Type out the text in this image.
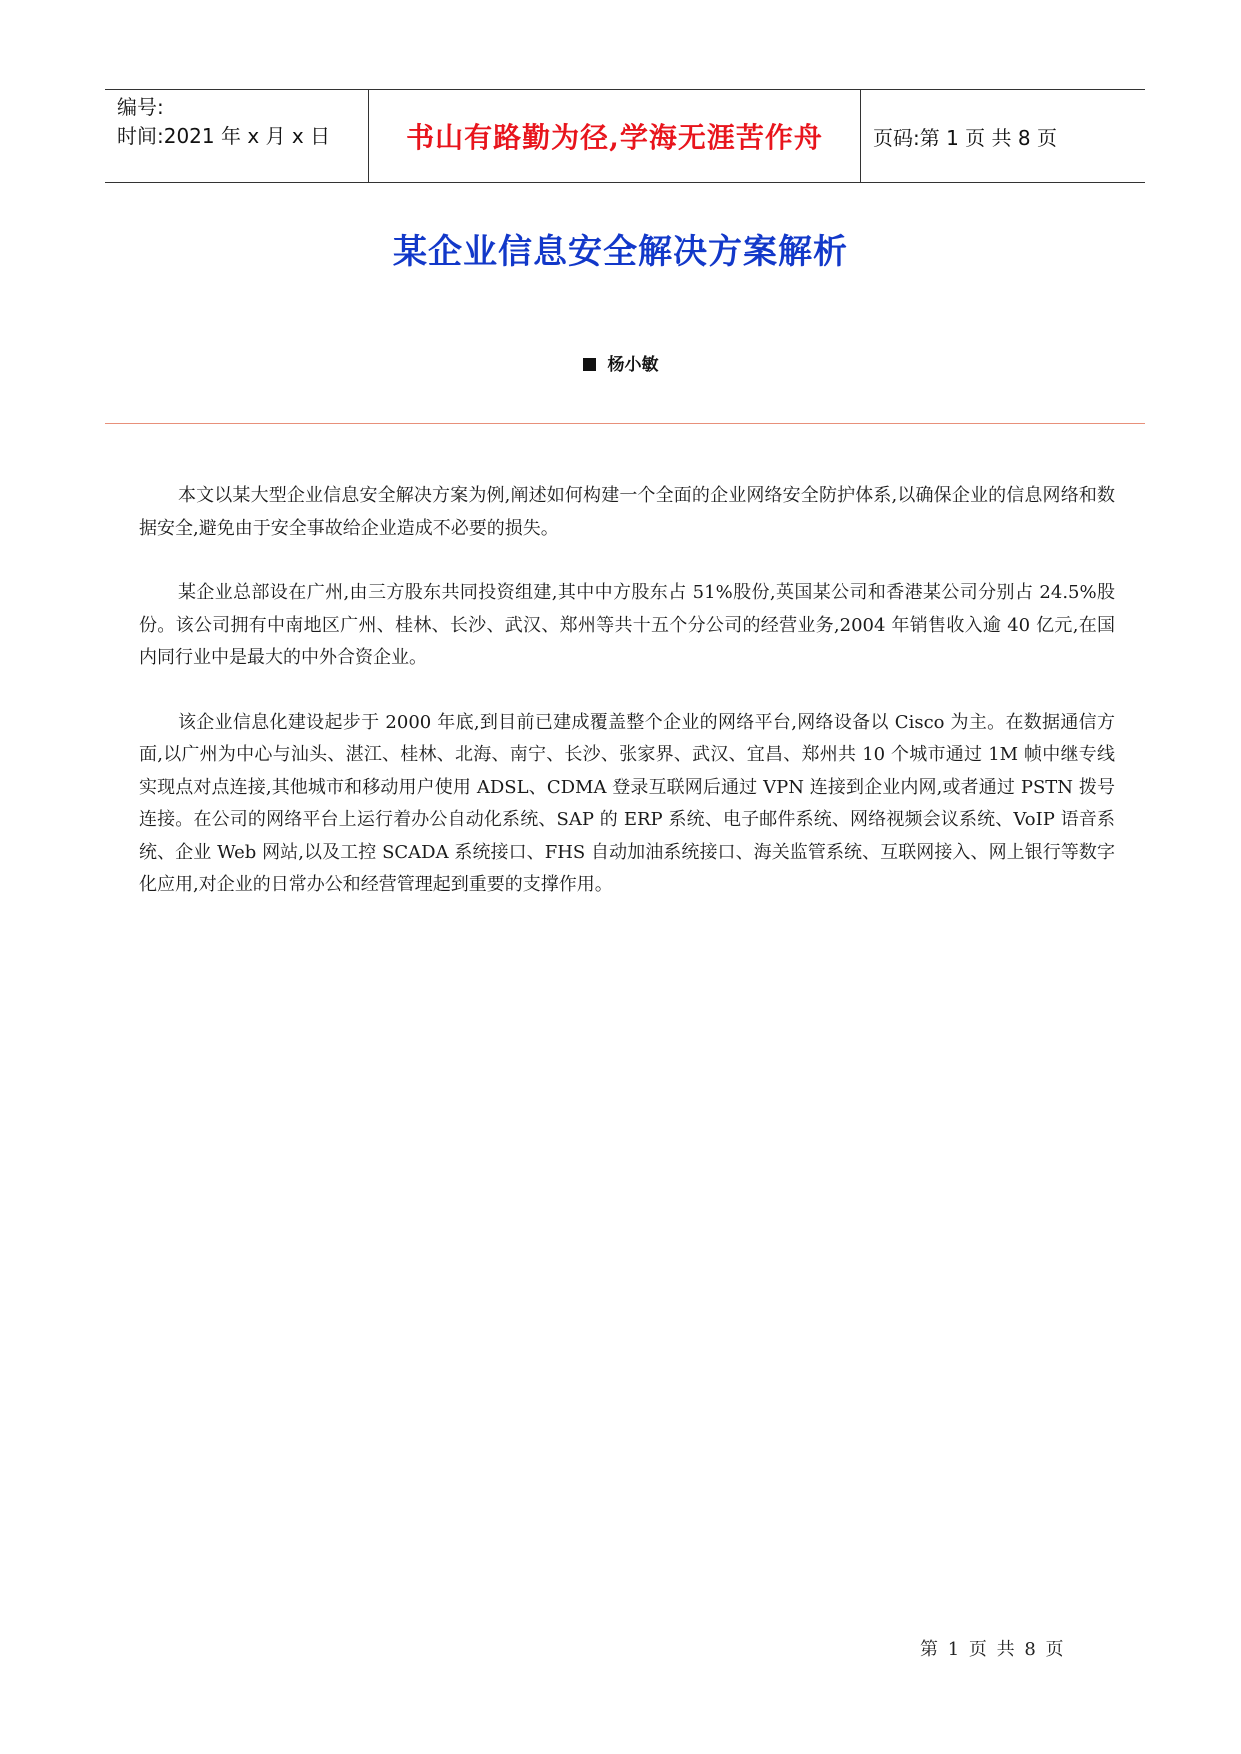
编号:
时间:2021 年 x 月 x 日	书山有路勤为径,学海无涯苦作舟	页码:第 1 页 共 8 页
某企业信息安全解决方案解析
杨小敏

本文以某大型企业信息安全解决方案为例,阐述如何构建一个全面的企业网络安全防护体系,以确保企业的信息网络和数据安全,避免由于安全事故给企业造成不必要的损失。

某企业总部设在广州,由三方股东共同投资组建,其中中方股东占 51%股份,英国某公司和香港某公司分别占 24.5%股份。该公司拥有中南地区广州、桂林、长沙、武汉、郑州等共十五个分公司的经营业务,2004 年销售收入逾 40 亿元,在国内同行业中是最大的中外合资企业。

该企业信息化建设起步于 2000 年底,到目前已建成覆盖整个企业的网络平台,网络设备以 Cisco 为主。在数据通信方面,以广州为中心与汕头、湛江、桂林、北海、南宁、长沙、张家界、武汉、宜昌、郑州共 10 个城市通过 1M 帧中继专线实现点对点连接,其他城市和移动用户使用 ADSL、CDMA 登录互联网后通过 VPN 连接到企业内网,或者通过 PSTN 拨号连接。在公司的网络平台上运行着办公自动化系统、SAP 的 ERP 系统、电子邮件系统、网络视频会议系统、VoIP 语音系统、企业 Web 网站,以及工控 SCADA 系统接口、FHS 自动加油系统接口、海关监管系统、互联网接入、网上银行等数字化应用,对企业的日常办公和经营管理起到重要的支撑作用。

第 1 页 共 8 页
